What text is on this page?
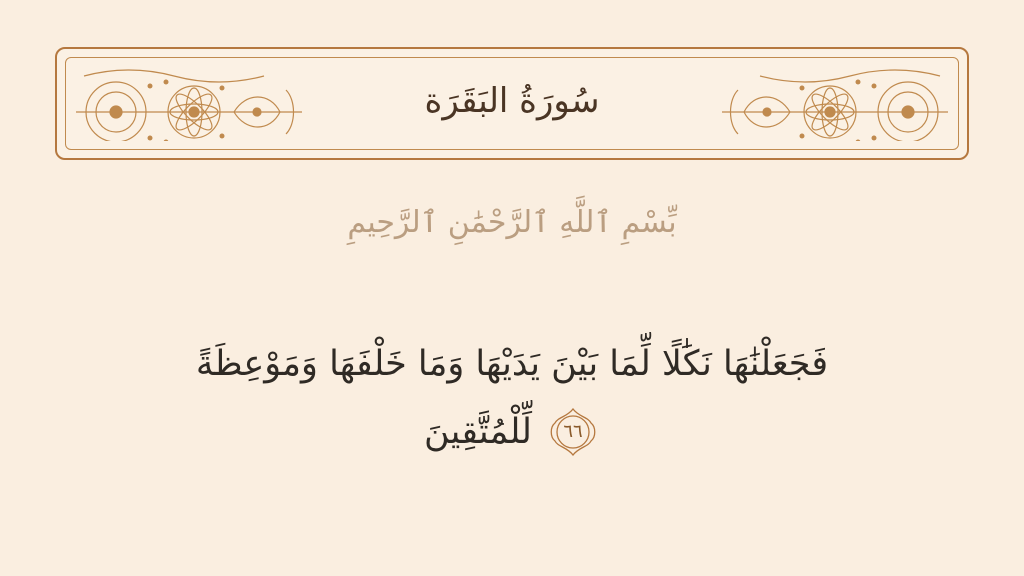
سُورَةُ البَقَرَة
بِّسْمِ ٱللَّهِ ٱلرَّحْمَٰنِ ٱلرَّحِيمِ
فَجَعَلْنَٰهَا نَكَٰلًا لِّمَا بَيْنَ يَدَيْهَا وَمَا خَلْفَهَا وَمَوْعِظَةً
٦٦
لِّلْمُتَّقِينَ
